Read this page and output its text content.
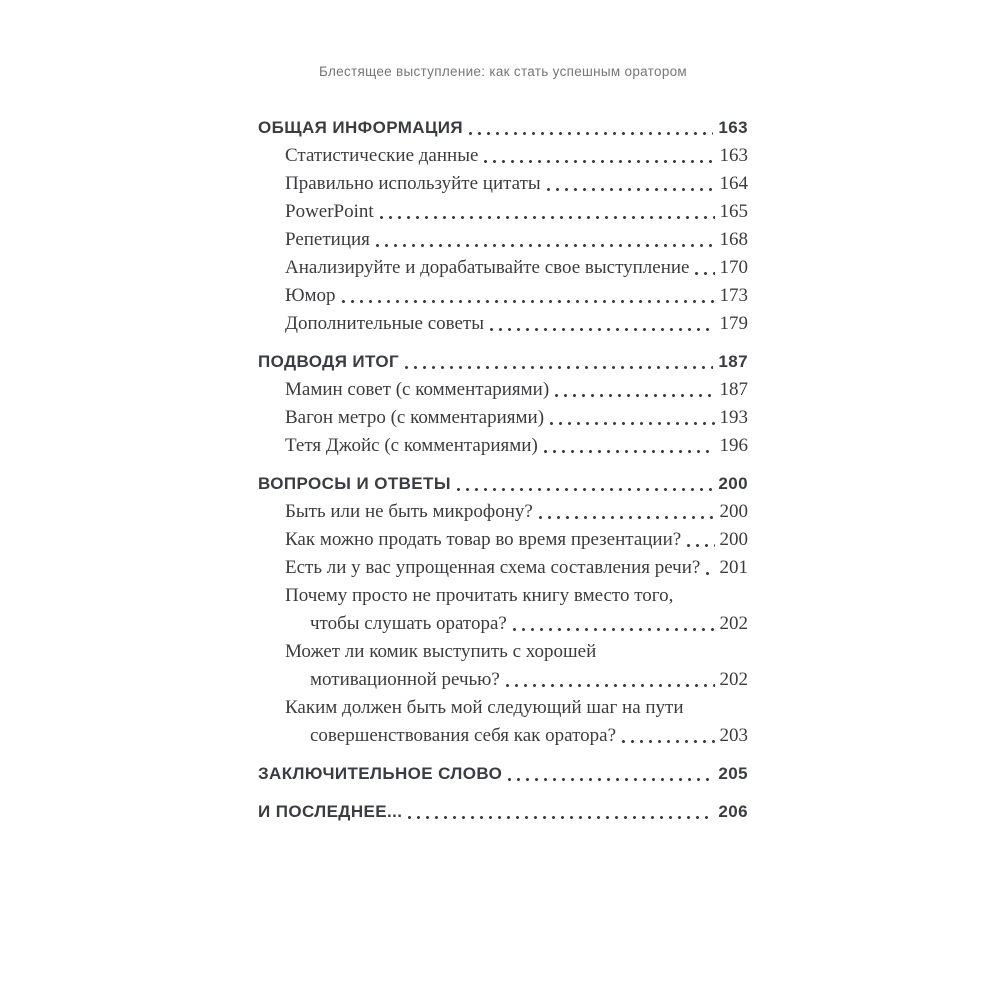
Блестящее выступление: как стать успешным оратором
ОБЩАЯ ИНФОРМАЦИЯ	163
Статистические данные	163
Правильно используйте цитаты	164
PowerPoint	165
Репетиция	168
Анализируйте и дорабатывайте свое выступление 170
Юмор	173
Дополнительные советы	179
ПОДВОДЯ ИТОГ	187
Мамин совет (с комментариями)	187
Вагон метро (с комментариями)	193
Тетя Джойс (с комментариями)	196
ВОПРОСЫ И ОТВЕТЫ	200
Быть или не быть микрофону?	200
Как можно продать товар во время презентации? 200
Есть ли у вас упрощенная схема составления речи? 201
Почему просто не прочитать книгу вместо того,
чтобы слушать оратора?	202
Может ли комик выступить с хорошей
мотивационной речью?	202
Каким должен быть мой следующий шаг на пути
совершенствования себя как оратора?	203
ЗАКЛЮЧИТЕЛЬНОЕ СЛОВО	205
И ПОСЛЕДНЕЕ...	206
